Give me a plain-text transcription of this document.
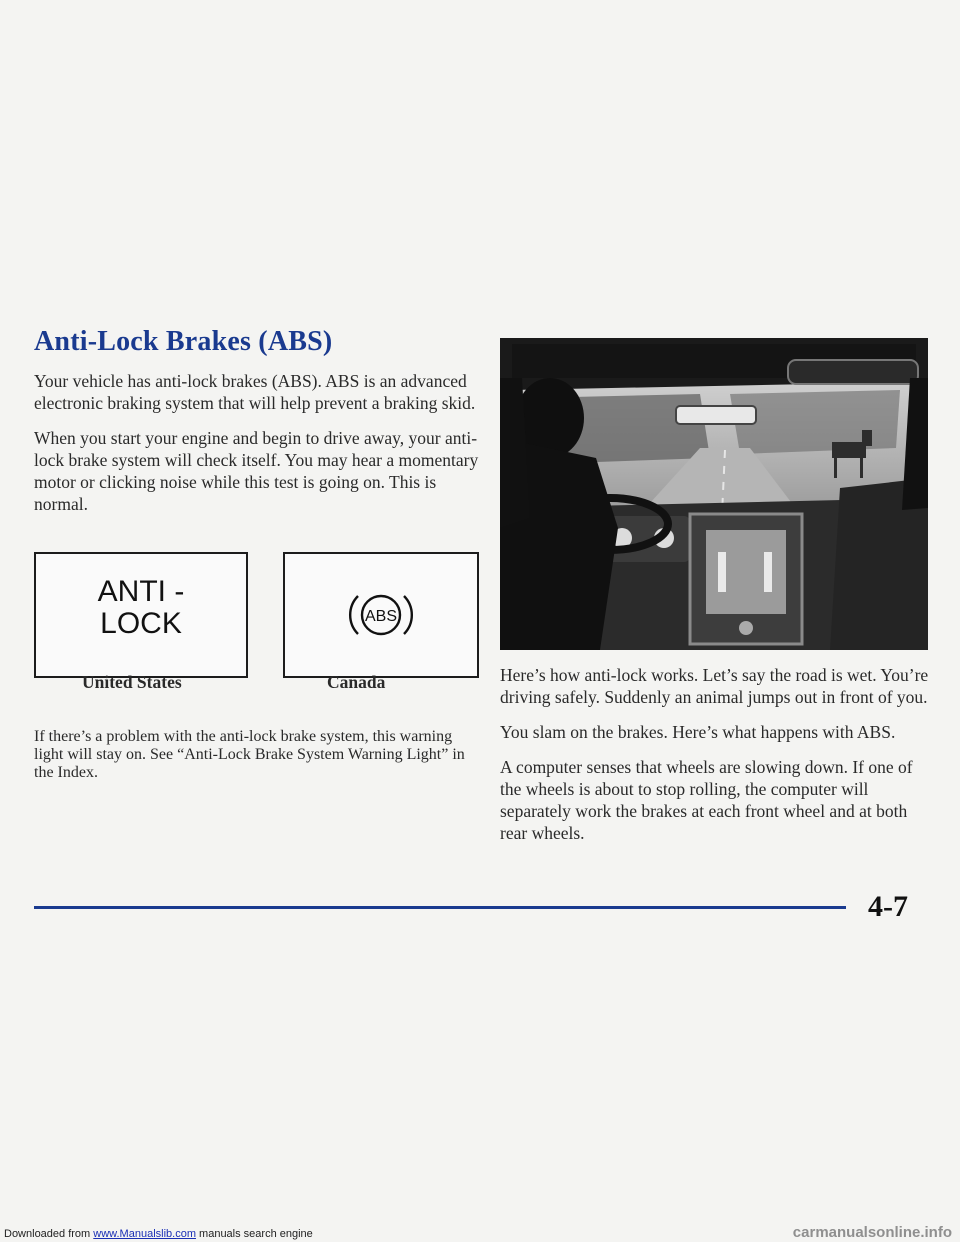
Anti-Lock Brakes (ABS)

Your vehicle has anti-lock brakes (ABS). ABS is an advanced electronic braking system that will help prevent a braking skid.

When you start your engine and begin to drive away, your anti-lock brake system will check itself. You may hear a momentary motor or clicking noise while this test is going on. This is normal.

ANTI -
LOCK	ABS
United States	Canada

If there’s a problem with the anti-lock brake system, this warning light will stay on. See “Anti-Lock Brake System Warning Light” in the Index.

Here’s how anti-lock works. Let’s say the road is wet. You’re driving safely. Suddenly an animal jumps out in front of you.

You slam on the brakes. Here’s what happens with ABS.

A computer senses that wheels are slowing down. If one of the wheels is about to stop rolling, the computer will separately work the brakes at each front wheel and at both rear wheels.

4-7
Downloaded from www.Manualslib.com manuals search engine	carmanualsonline.info
